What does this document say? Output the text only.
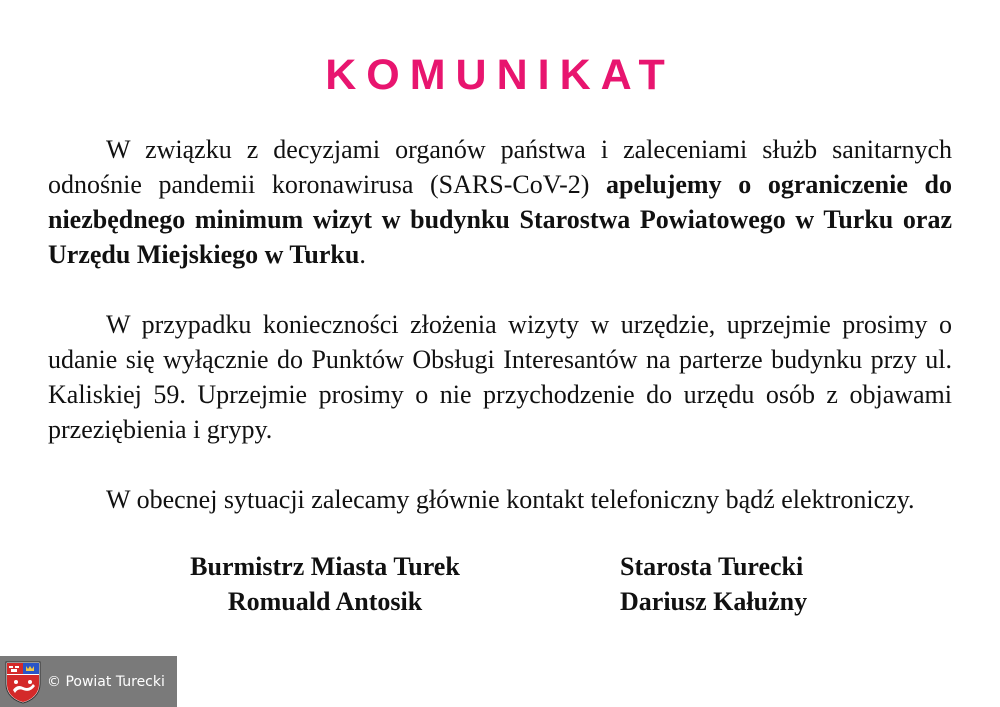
KOMUNIKAT

W związku z decyzjami organów państwa i zaleceniami służb sanitarnych odnośnie pandemii koronawirusa (SARS-CoV-2) apelujemy o ograniczenie do niezbędnego minimum wizyt w budynku Starostwa Powiatowego w Turku oraz Urzędu Miejskiego w Turku.

W przypadku konieczności złożenia wizyty w urzędzie, uprzejmie prosimy o udanie się wyłącznie do Punktów Obsługi Interesantów na parterze budynku przy ul. Kaliskiej 59. Uprzejmie prosimy o nie przychodzenie do urzędu osób z objawami przeziębienia i grypy.

W obecnej sytuacji zalecamy głównie kontakt telefoniczny bądź elektroniczy.

Burmistrz Miasta Turek
Romuald Antosik
Starosta Turecki
Dariusz Kałużny
© Powiat Turecki
